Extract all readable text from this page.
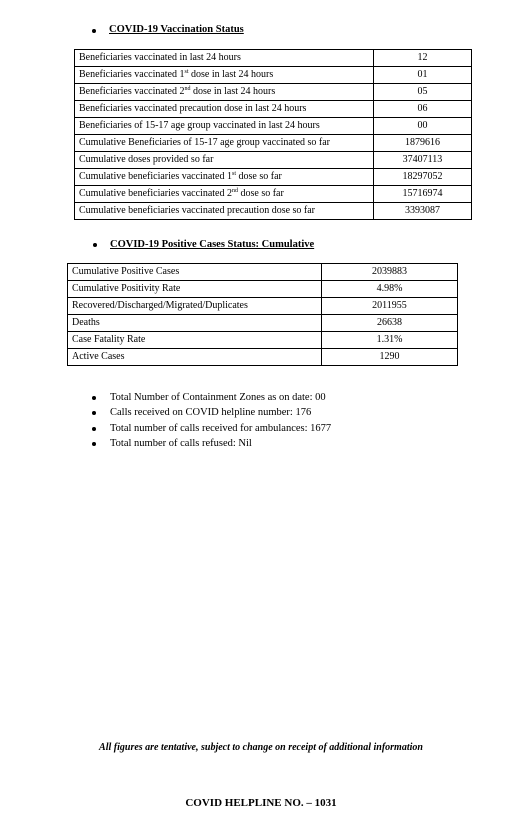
COVID-19 Vaccination Status
Beneficiaries vaccinated in last 24 hours	12
Beneficiaries vaccinated 1st dose in last 24 hours	01
Beneficiaries vaccinated 2nd dose in last 24 hours	05
Beneficiaries vaccinated precaution dose in last 24 hours	06
Beneficiaries of 15-17 age group vaccinated in last 24 hours	00
Cumulative Beneficiaries of 15-17 age group vaccinated so far	1879616
Cumulative doses provided so far	37407113
Cumulative beneficiaries vaccinated 1st dose so far	18297052
Cumulative beneficiaries vaccinated 2nd dose so far	15716974
Cumulative beneficiaries vaccinated precaution dose so far	3393087
COVID-19 Positive Cases Status: Cumulative
Cumulative Positive Cases	2039883
Cumulative Positivity Rate	4.98%
Recovered/Discharged/Migrated/Duplicates	2011955
Deaths	26638
Case Fatality Rate	1.31%
Active Cases	1290
Total Number of Containment Zones as on date: 00
Calls received on COVID helpline number: 176
Total number of calls received for ambulances: 1677
Total number of calls refused: Nil
All figures are tentative, subject to change on receipt of additional information
COVID HELPLINE NO. – 1031
